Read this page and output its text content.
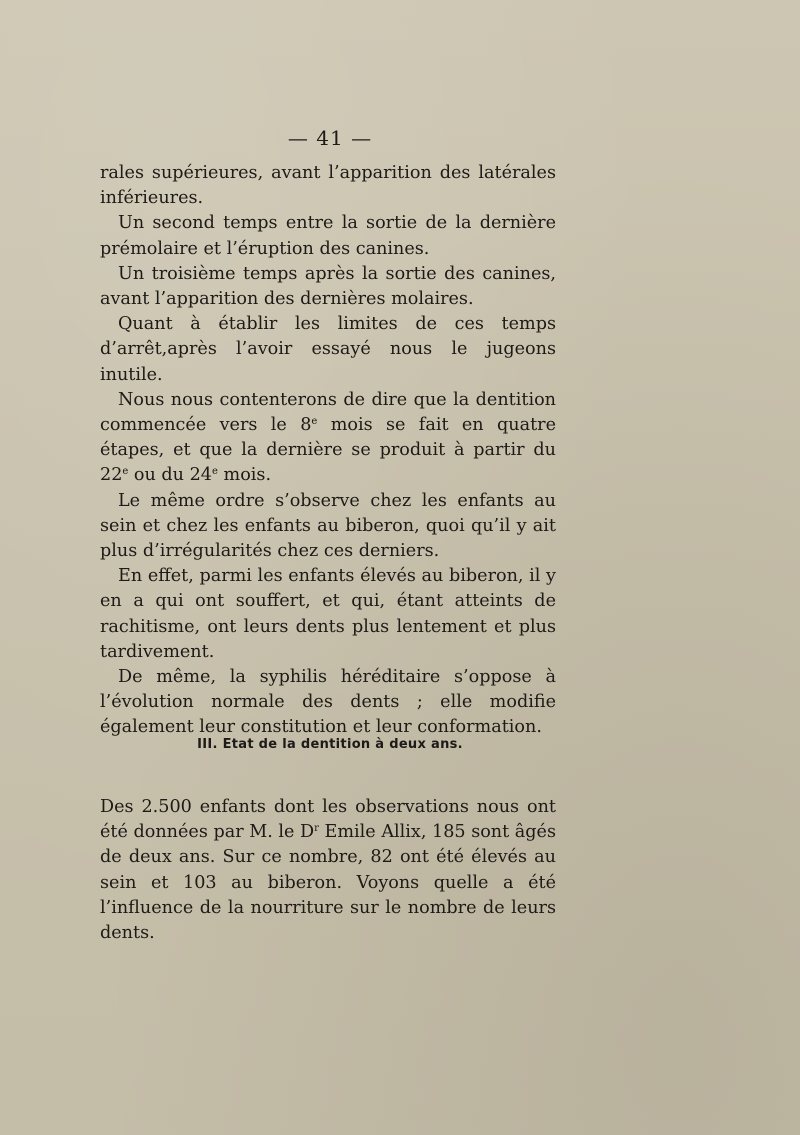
— 41 —

rales supérieures, avant l’apparition des latérales inférieures.

Un second temps entre la sortie de la dernière prémolaire et l’éruption des canines.

Un troisième temps après la sortie des canines, avant l’apparition des dernières molaires.

Quant à établir les limites de ces temps d’arrêt,après l’avoir essayé nous le jugeons inutile.

Nous nous contenterons de dire que la dentition commencée vers le 8e mois se fait en quatre étapes, et que la dernière se produit à partir du 22e ou du 24e mois.

Le même ordre s’observe chez les enfants au sein et chez les enfants au biberon, quoi qu’il y ait plus d’irrégularités chez ces derniers.

En effet, parmi les enfants élevés au biberon, il y en a qui ont souffert, et qui, étant atteints de rachitisme, ont leurs dents plus lentement et plus tardivement.

De même, la syphilis héréditaire s’oppose à l’évolution normale des dents ; elle modifie également leur constitution et leur conformation.

III. Etat de la dentition à deux ans.

Des 2.500 enfants dont les observations nous ont été données par M. le $D^r$ Emile Allix, 185 sont âgés de deux ans. Sur ce nombre, 82 ont été élevés au sein et 103 au biberon. Voyons quelle a été l’influence de la nourriture sur le nombre de leurs dents.
